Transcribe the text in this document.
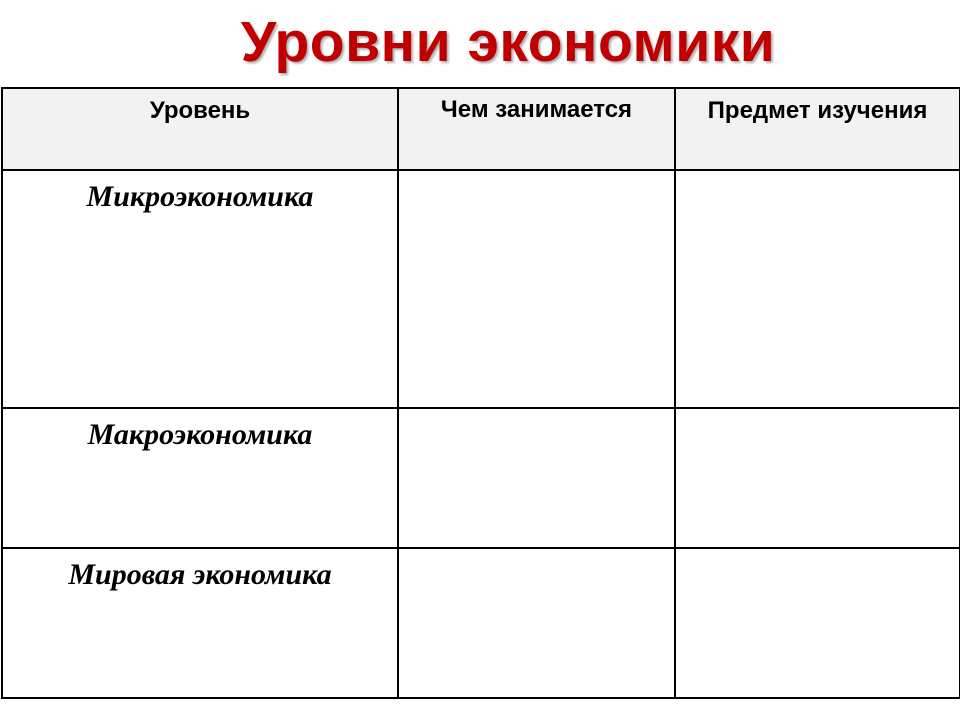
Уровни экономики
Уровень	Чем занимается	Предмет изучения

Микроэкономика		

Макроэкономика		

Мировая экономика		
